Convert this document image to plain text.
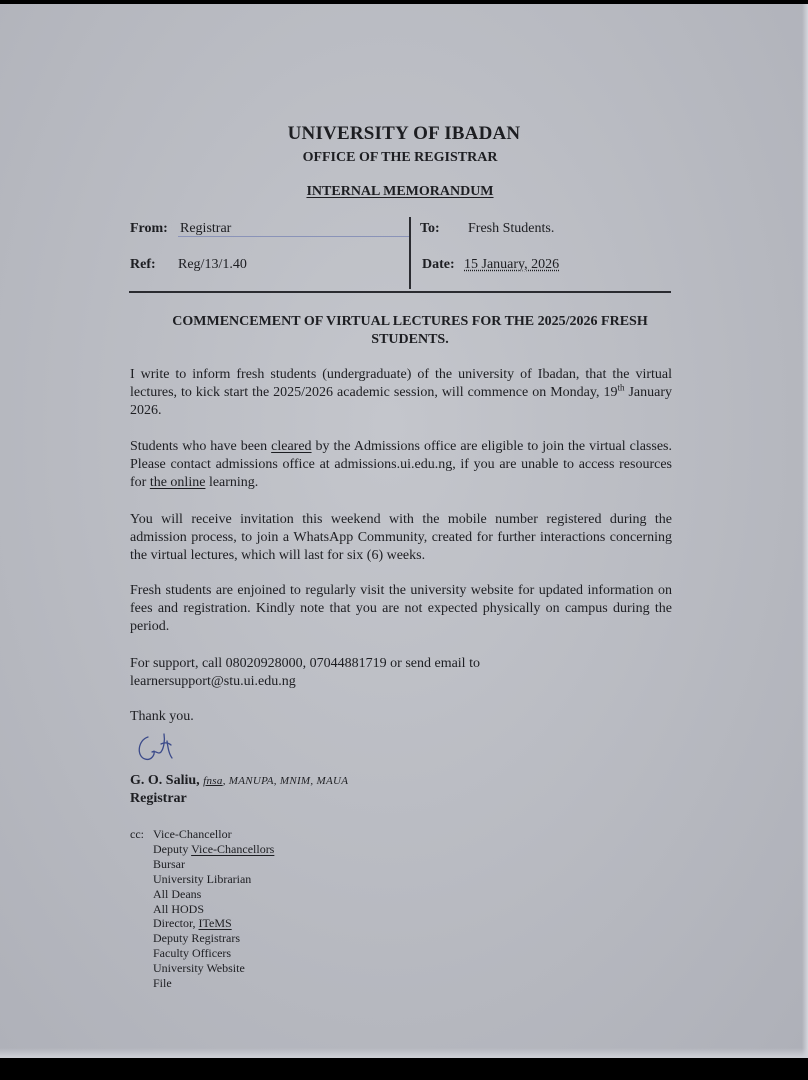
UNIVERSITY OF IBADAN
OFFICE OF THE REGISTRAR
INTERNAL MEMORANDUM
From: Registrar	To: Fresh Students.
Ref: Reg/13/1.40	Date: 15 January, 2026
COMMENCEMENT OF VIRTUAL LECTURES FOR THE 2025/2026 FRESH STUDENTS.
I write to inform fresh students (undergraduate) of the university of Ibadan, that the virtual lectures, to kick start the 2025/2026 academic session, will commence on Monday, 19th January 2026.
Students who have been cleared by the Admissions office are eligible to join the virtual classes. Please contact admissions office at admissions.ui.edu.ng, if you are unable to access resources for the online learning.
You will receive invitation this weekend with the mobile number registered during the admission process, to join a WhatsApp Community, created for further interactions concerning the virtual lectures, which will last for six (6) weeks.
Fresh students are enjoined to regularly visit the university website for updated information on fees and registration. Kindly note that you are not expected physically on campus during the period.
For support, call 08020928000, 07044881719 or send email to learnersupport@stu.ui.edu.ng
Thank you.
G. O. Saliu, fnsa, MANUPA, MNIM, MAUA
Registrar
cc: Vice-Chancellor
Deputy Vice-Chancellors
Bursar
University Librarian
All Deans
All HODS
Director, ITeMS
Deputy Registrars
Faculty Officers
University Website
File
